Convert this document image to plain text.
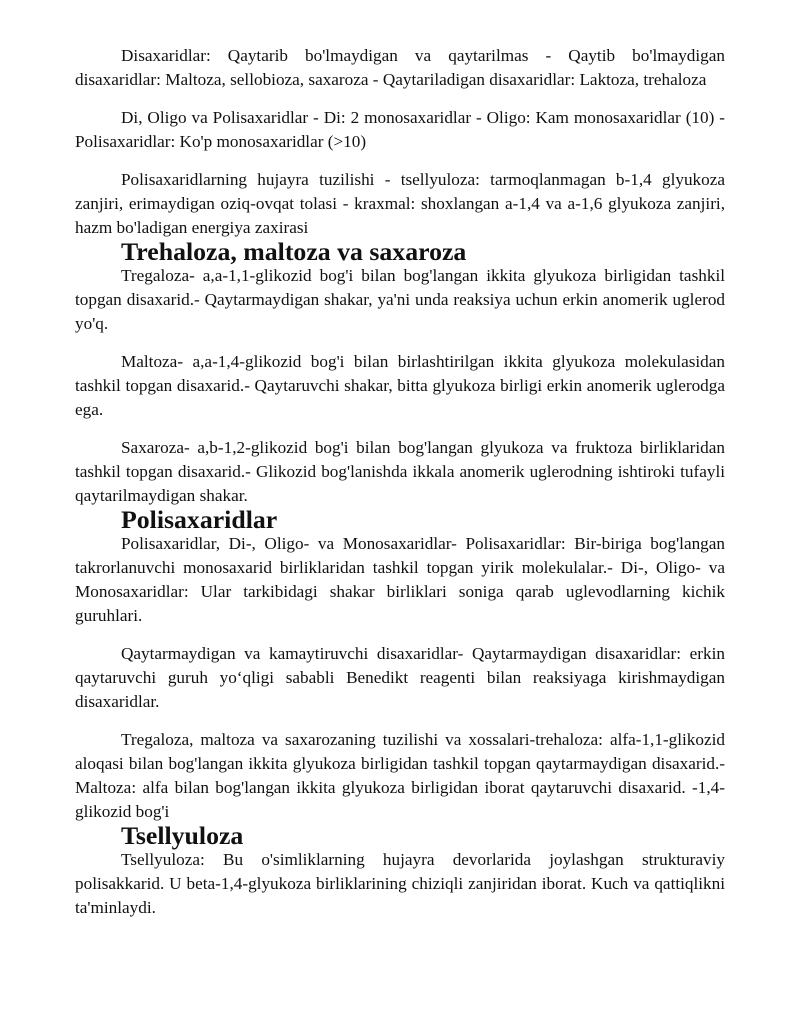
Disaxaridlar: Qaytarib bo'lmaydigan va qaytarilmas - Qaytib bo'lmaydigan disaxaridlar: Maltoza, sellobioza, saxaroza - Qaytariladigan disaxaridlar: Laktoza, trehaloza

Di, Oligo va Polisaxaridlar - Di: 2 monosaxaridlar - Oligo: Kam monosaxaridlar (10) - Polisaxaridlar: Ko'p monosaxaridlar (>10)

Polisaxaridlarning hujayra tuzilishi - tsellyuloza: tarmoqlanmagan b-1,4 glyukoza zanjiri, erimaydigan oziq-ovqat tolasi - kraxmal: shoxlangan a-1,4 va a-1,6 glyukoza zanjiri, hazm bo'ladigan energiya zaxirasi

Trehaloza, maltoza va saxaroza

Tregaloza- a,a-1,1-glikozid bog'i bilan bog'langan ikkita glyukoza birligidan tashkil topgan disaxarid.- Qaytarmaydigan shakar, ya'ni unda reaksiya uchun erkin anomerik uglerod yo'q.

Maltoza- a,a-1,4-glikozid bog'i bilan birlashtirilgan ikkita glyukoza molekulasidan tashkil topgan disaxarid.- Qaytaruvchi shakar, bitta glyukoza birligi erkin anomerik uglerodga ega.

Saxaroza- a,b-1,2-glikozid bog'i bilan bog'langan glyukoza va fruktoza birliklaridan tashkil topgan disaxarid.- Glikozid bog'lanishda ikkala anomerik uglerodning ishtiroki tufayli qaytarilmaydigan shakar.

Polisaxaridlar

Polisaxaridlar, Di-, Oligo- va Monosaxaridlar- Polisaxaridlar: Bir-biriga bog'langan takrorlanuvchi monosaxarid birliklaridan tashkil topgan yirik molekulalar.- Di-, Oligo- va Monosaxaridlar: Ular tarkibidagi shakar birliklari soniga qarab uglevodlarning kichik guruhlari.

Qaytarmaydigan va kamaytiruvchi disaxaridlar- Qaytarmaydigan disaxaridlar: erkin qaytaruvchi guruh yo‘qligi sababli Benedikt reagenti bilan reaksiyaga kirishmaydigan disaxaridlar.

Tregaloza, maltoza va saxarozaning tuzilishi va xossalari-trehaloza: alfa-1,1-glikozid aloqasi bilan bog'langan ikkita glyukoza birligidan tashkil topgan qaytarmaydigan disaxarid.- Maltoza: alfa bilan bog'langan ikkita glyukoza birligidan iborat qaytaruvchi disaxarid. -1,4-glikozid bog'i

Tsellyuloza

Tsellyuloza: Bu o'simliklarning hujayra devorlarida joylashgan strukturaviy polisakkarid. U beta-1,4-glyukoza birliklarining chiziqli zanjiridan iborat. Kuch va qattiqlikni ta'minlaydi.
